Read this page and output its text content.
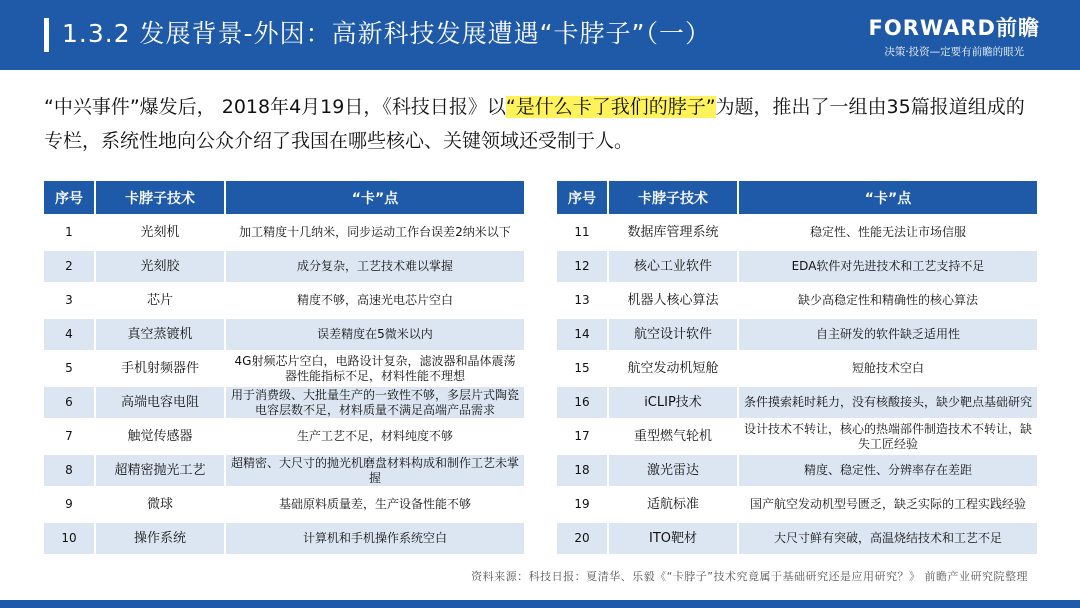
1.3.2 发展背景-外因：高新科技发展遭遇“卡脖子”（一）	FORWARD前瞻
决策·投资—定要有前瞻的眼光
“中兴事件”爆发后， 2018年4月19日，《科技日报》以“是什么卡了我们的脖子”为题，推出了一组由35篇报道组成的专栏，系统性地向公众介绍了我国在哪些核心、关键领域还受制于人。
序号	卡脖子技术	“卡”点
1	光刻机	加工精度十几纳米，同步运动工作台误差2纳米以下
2	光刻胶	成分复杂，工艺技术难以掌握
3	芯片	精度不够，高速光电芯片空白
4	真空蒸镀机	误差精度在5微米以内
5	手机射频器件	4G射频芯片空白，电路设计复杂，滤波器和晶体震荡器性能指标不足，材料性能不理想
6	高端电容电阻	用于消费级、大批量生产的一致性不够，多层片式陶瓷电容层数不足，材料质量不满足高端产品需求
7	触觉传感器	生产工艺不足，材料纯度不够
8	超精密抛光工艺	超精密、大尺寸的抛光机磨盘材料构成和制作工艺未掌握
9	微球	基础原料质量差，生产设备性能不够
10	操作系统	计算机和手机操作系统空白
序号	卡脖子技术	“卡”点
11	数据库管理系统	稳定性、性能无法让市场信服
12	核心工业软件	EDA软件对先进技术和工艺支持不足
13	机器人核心算法	缺少高稳定性和精确性的核心算法
14	航空设计软件	自主研发的软件缺乏适用性
15	航空发动机短舱	短舱技术空白
16	iCLIP技术	条件摸索耗时耗力，没有核酸接头，缺少靶点基础研究
17	重型燃气轮机	设计技术不转让，核心的热端部件制造技术不转让，缺失工匠经验
18	激光雷达	精度、稳定性、分辨率存在差距
19	适航标准	国产航空发动机型号匮乏，缺乏实际的工程实践经验
20	ITO靶材	大尺寸鲜有突破，高温烧结技术和工艺不足
资料来源：科技日报：夏清华、乐毅《“卡脖子”技术究竟属于基础研究还是应用研究？》 前瞻产业研究院整理
